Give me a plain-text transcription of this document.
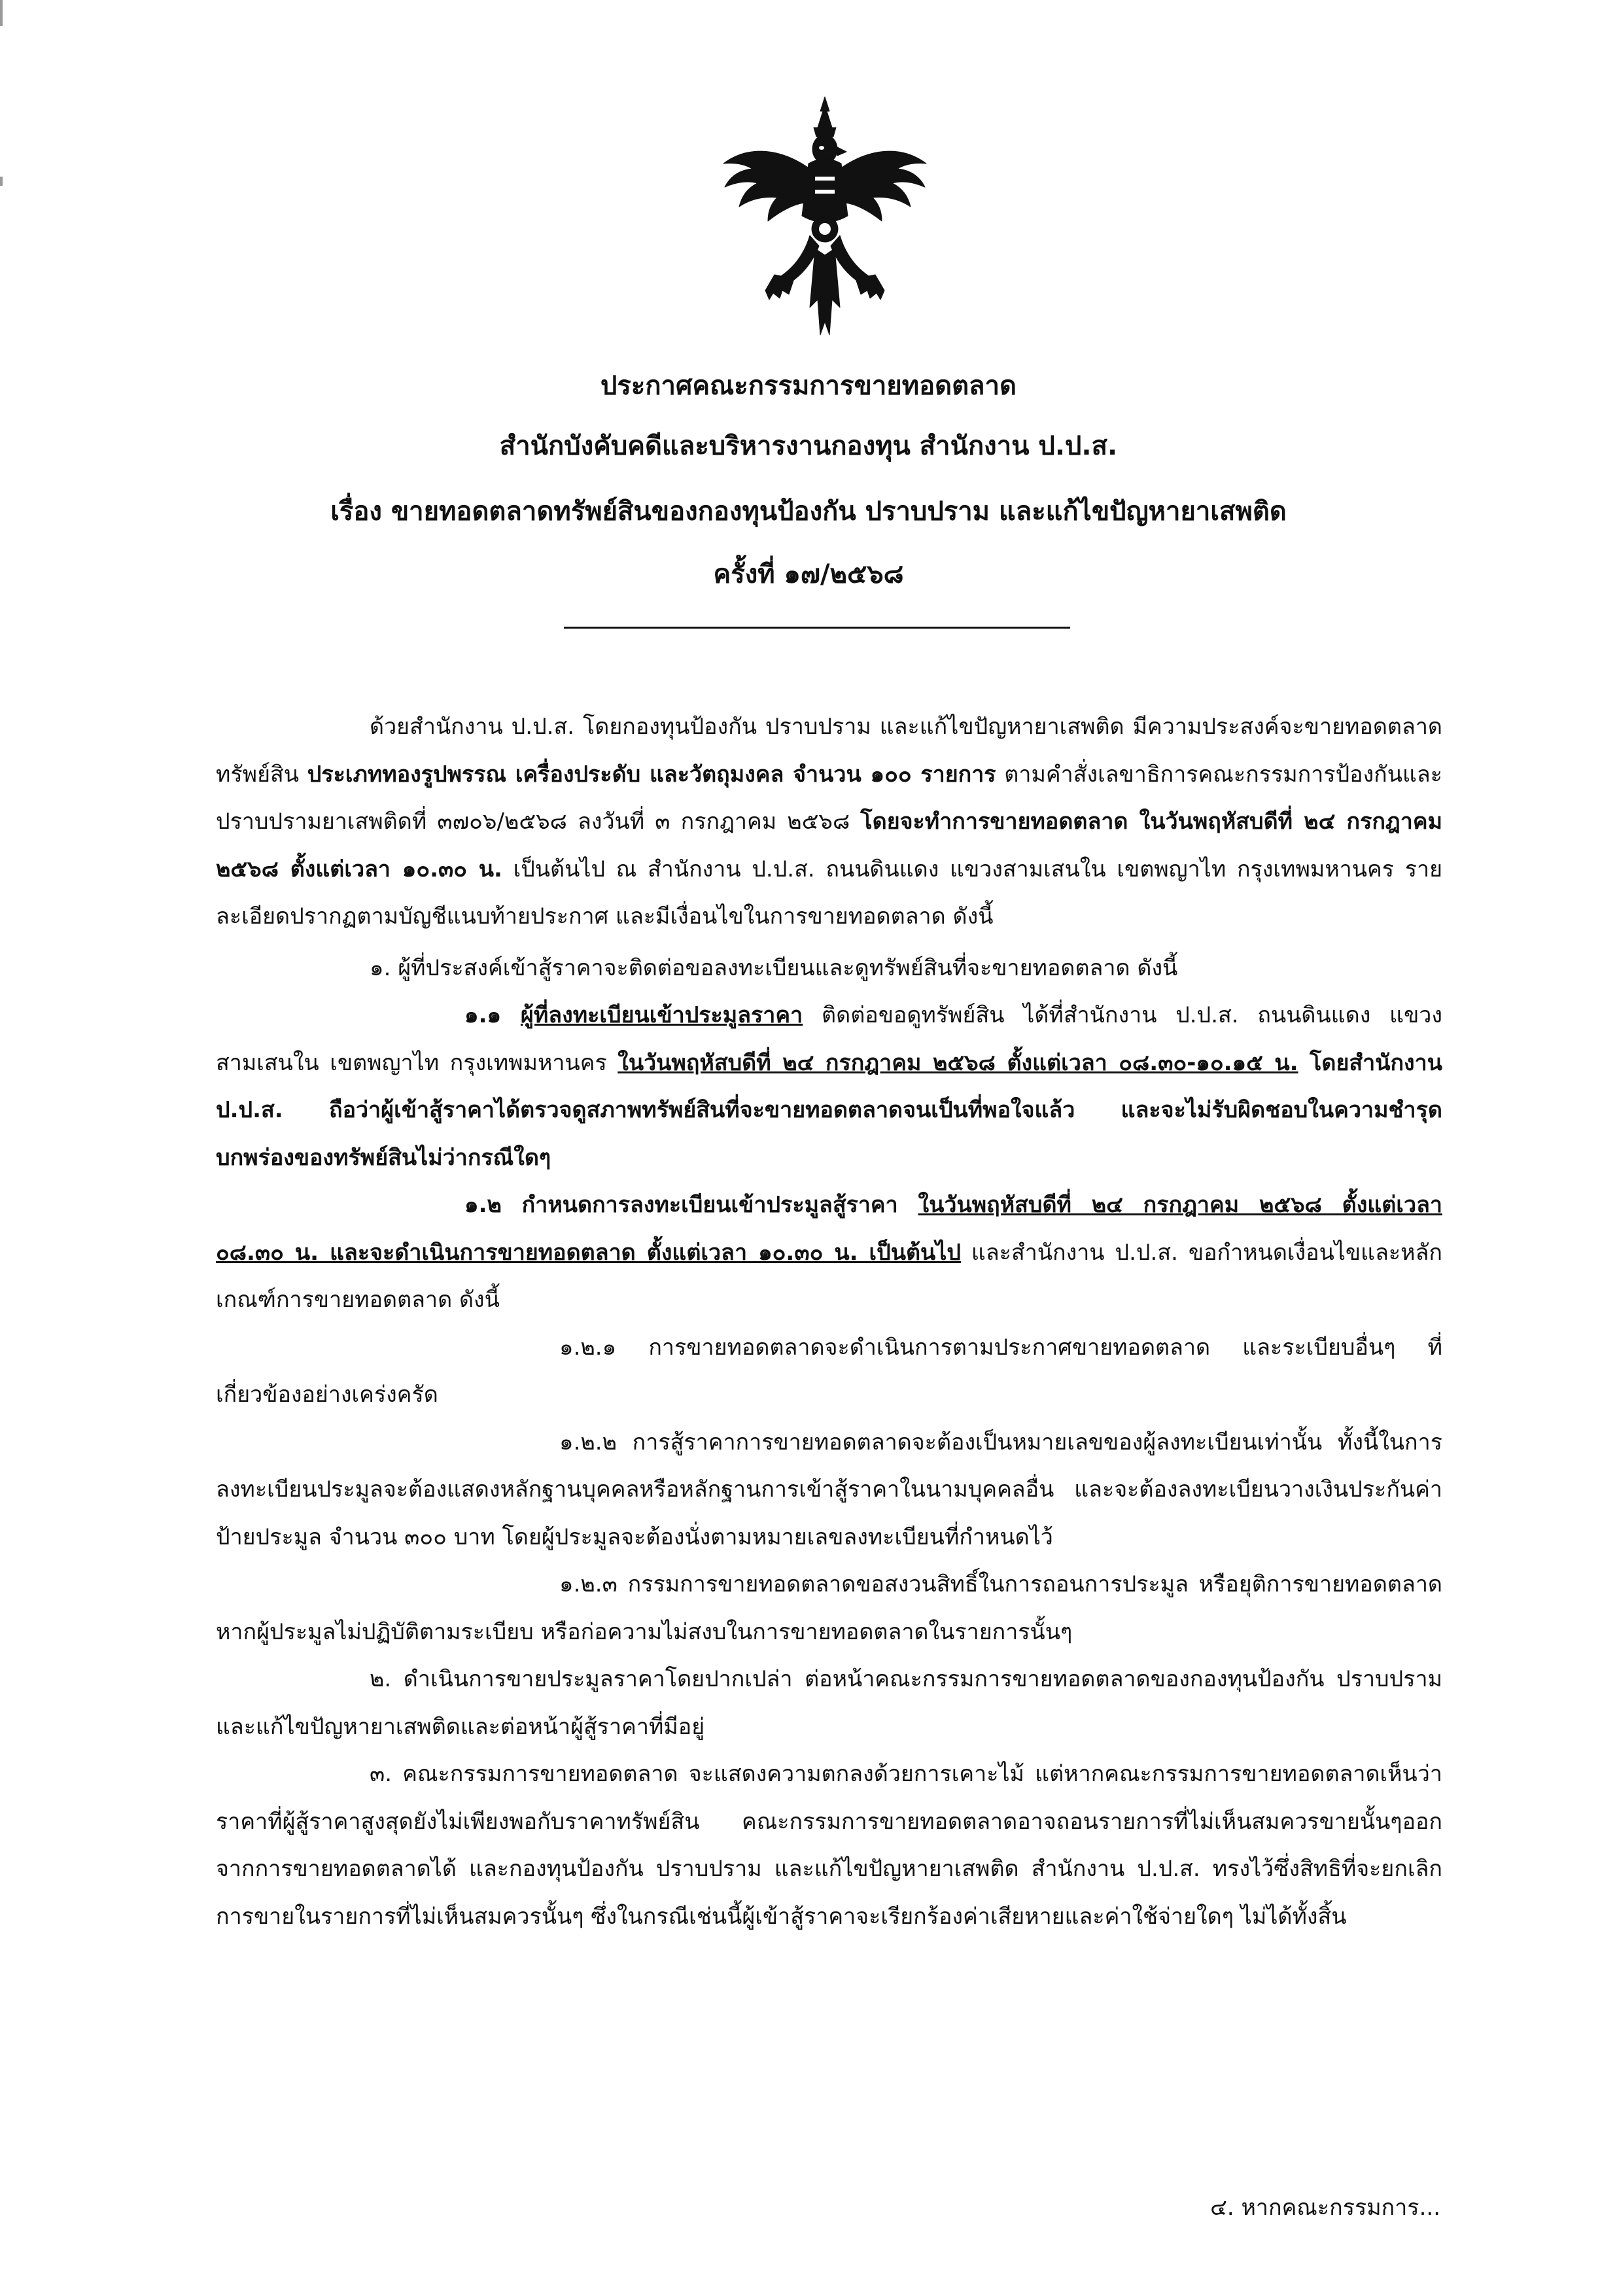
ประกาศคณะกรรมการขายทอดตลาด
สำนักบังคับคดีและบริหารงานกองทุน สำนักงาน ป.ป.ส.
เรื่อง ขายทอดตลาดทรัพย์สินของกองทุนป้องกัน ปราบปราม และแก้ไขปัญหายาเสพติด
ครั้งที่ ๑๗/๒๕๖๘

ด้วยสำนักงาน ป.ป.ส. โดยกองทุนป้องกัน ปราบปราม และแก้ไขปัญหายาเสพติด มีความประสงค์จะขายทอดตลาดทรัพย์สิน ประเภททองรูปพรรณ เครื่องประดับ และวัตถุมงคล จำนวน ๑๐๐ รายการ ตามคำสั่งเลขาธิการคณะกรรมการป้องกันและปราบปรามยาเสพติดที่ ๓๗๐๖/๒๕๖๘ ลงวันที่ ๓ กรกฎาคม ๒๕๖๘ โดยจะทำการขายทอดตลาด ในวันพฤหัสบดีที่ ๒๔ กรกฎาคม ๒๕๖๘ ตั้งแต่เวลา ๑๐.๓๐ น. เป็นต้นไป ณ สำนักงาน ป.ป.ส. ถนนดินแดง แขวงสามเสนใน เขตพญาไท กรุงเทพมหานคร รายละเอียดปรากฏตามบัญชีแนบท้ายประกาศ และมีเงื่อนไขในการขายทอดตลาด ดังนี้

๑. ผู้ที่ประสงค์เข้าสู้ราคาจะติดต่อขอลงทะเบียนและดูทรัพย์สินที่จะขายทอดตลาด ดังนี้

๑.๑ ผู้ที่ลงทะเบียนเข้าประมูลราคา ติดต่อขอดูทรัพย์สิน ได้ที่สำนักงาน ป.ป.ส. ถนนดินแดง แขวงสามเสนใน เขตพญาไท กรุงเทพมหานคร ในวันพฤหัสบดีที่ ๒๔ กรกฎาคม ๒๕๖๘ ตั้งแต่เวลา ๐๘.๓๐-๑๐.๑๕ น. โดยสำนักงาน ป.ป.ส. ถือว่าผู้เข้าสู้ราคาได้ตรวจดูสภาพทรัพย์สินที่จะขายทอดตลาดจนเป็นที่พอใจแล้ว และจะไม่รับผิดชอบในความชำรุดบกพร่องของทรัพย์สินไม่ว่ากรณีใดๆ

๑.๒ กำหนดการลงทะเบียนเข้าประมูลสู้ราคา ในวันพฤหัสบดีที่ ๒๔ กรกฎาคม ๒๕๖๘ ตั้งแต่เวลา ๐๘.๓๐ น. และจะดำเนินการขายทอดตลาด ตั้งแต่เวลา ๑๐.๓๐ น. เป็นต้นไป และสำนักงาน ป.ป.ส. ขอกำหนดเงื่อนไขและหลักเกณฑ์การขายทอดตลาด ดังนี้

๑.๒.๑ การขายทอดตลาดจะดำเนินการตามประกาศขายทอดตลาด และระเบียบอื่นๆ ที่เกี่ยวข้องอย่างเคร่งครัด

๑.๒.๒ การสู้ราคาการขายทอดตลาดจะต้องเป็นหมายเลขของผู้ลงทะเบียนเท่านั้น ทั้งนี้ในการลงทะเบียนประมูลจะต้องแสดงหลักฐานบุคคลหรือหลักฐานการเข้าสู้ราคาในนามบุคคลอื่น และจะต้องลงทะเบียนวางเงินประกันค่าป้ายประมูล จำนวน ๓๐๐ บาท โดยผู้ประมูลจะต้องนั่งตามหมายเลขลงทะเบียนที่กำหนดไว้

๑.๒.๓ กรรมการขายทอดตลาดขอสงวนสิทธิ์ในการถอนการประมูล หรือยุติการขายทอดตลาด หากผู้ประมูลไม่ปฏิบัติตามระเบียบ หรือก่อความไม่สงบในการขายทอดตลาดในรายการนั้นๆ

๒. ดำเนินการขายประมูลราคาโดยปากเปล่า ต่อหน้าคณะกรรมการขายทอดตลาดของกองทุนป้องกัน ปราบปราม และแก้ไขปัญหายาเสพติดและต่อหน้าผู้สู้ราคาที่มีอยู่

๓. คณะกรรมการขายทอดตลาด จะแสดงความตกลงด้วยการเคาะไม้ แต่หากคณะกรรมการขายทอดตลาดเห็นว่าราคาที่ผู้สู้ราคาสูงสุดยังไม่เพียงพอกับราคาทรัพย์สิน คณะกรรมการขายทอดตลาดอาจถอนรายการที่ไม่เห็นสมควรขายนั้นๆออกจากการขายทอดตลาดได้ และกองทุนป้องกัน ปราบปราม และแก้ไขปัญหายาเสพติด สำนักงาน ป.ป.ส. ทรงไว้ซึ่งสิทธิที่จะยกเลิกการขายในรายการที่ไม่เห็นสมควรนั้นๆ ซึ่งในกรณีเช่นนี้ผู้เข้าสู้ราคาจะเรียกร้องค่าเสียหายและค่าใช้จ่ายใดๆ ไม่ได้ทั้งสิ้น

๔. หากคณะกรรมการ...
